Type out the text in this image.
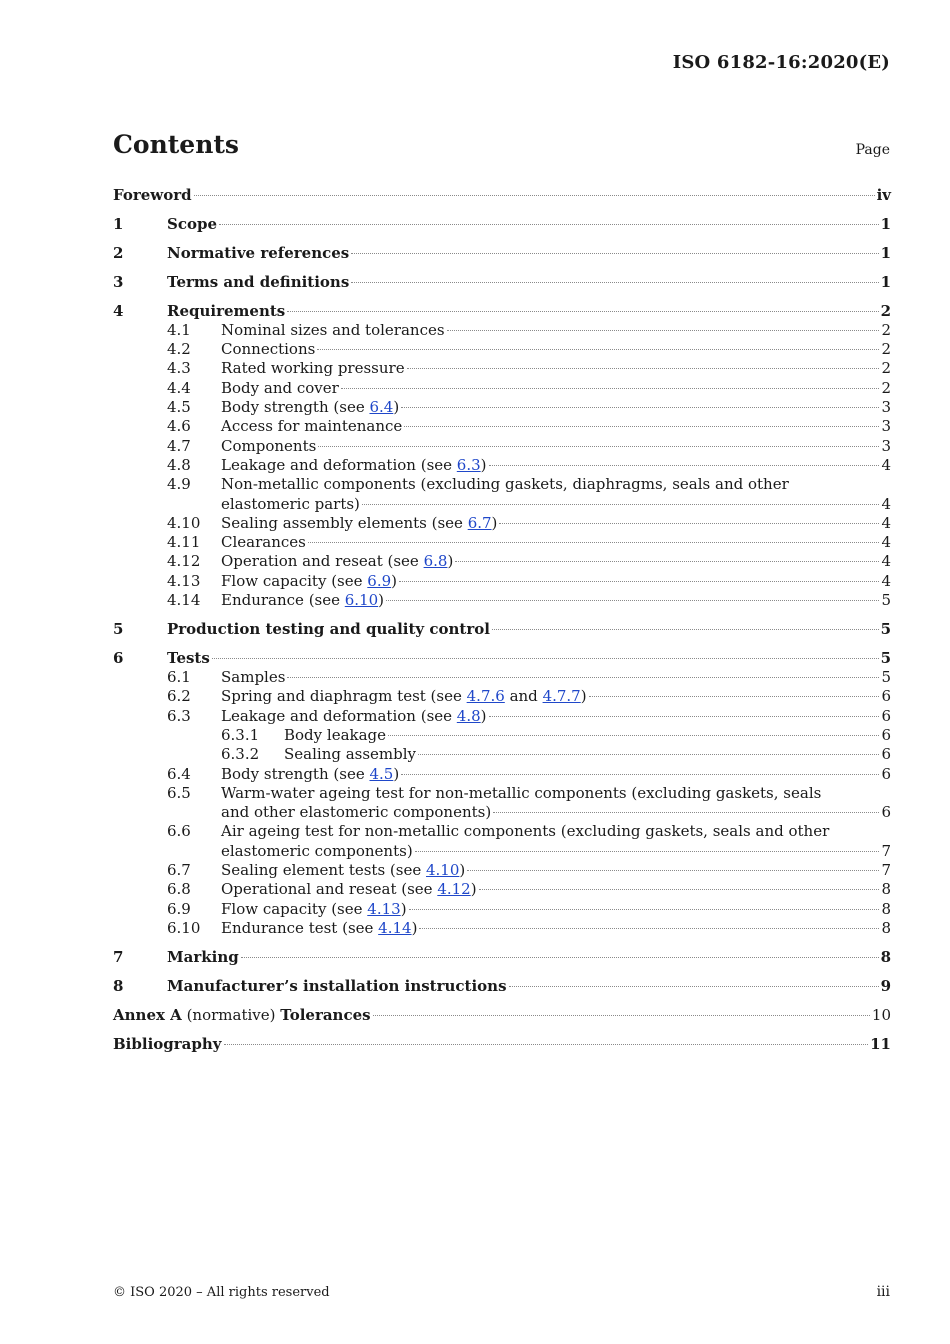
ISO 6182-16:2020(E)
Contents	Page
Foreword	iv
1	Scope	1
2	Normative references	1
3	Terms and definitions	1
4	Requirements	2
4.1	Nominal sizes and tolerances	2
4.2	Connections	2
4.3	Rated working pressure	2
4.4	Body and cover	2
4.5	Body strength (see 6.4)	3
4.6	Access for maintenance	3
4.7	Components	3
4.8	Leakage and deformation (see 6.3)	4
4.9	Non-metallic components (excluding gaskets, diaphragms, seals and other
elastomeric parts)	4
4.10	Sealing assembly elements (see 6.7)	4
4.11	Clearances	4
4.12	Operation and reseat (see 6.8)	4
4.13	Flow capacity (see 6.9)	4
4.14	Endurance (see 6.10)	5
5	Production testing and quality control	5
6	Tests	5
6.1	Samples	5
6.2	Spring and diaphragm test (see 4.7.6 and 4.7.7)	6
6.3	Leakage and deformation (see 4.8)	6
6.3.1	Body leakage	6
6.3.2	Sealing assembly	6
6.4	Body strength (see 4.5)	6
6.5	Warm-water ageing test for non-metallic components (excluding gaskets, seals
and other elastomeric components)	6
6.6	Air ageing test for non-metallic components (excluding gaskets, seals and other
elastomeric components)	7
6.7	Sealing element tests (see 4.10)	7
6.8	Operational and reseat (see 4.12)	8
6.9	Flow capacity (see 4.13)	8
6.10	Endurance test (see 4.14)	8
7	Marking	8
8	Manufacturer’s installation instructions	9
Annex A (normative) Tolerances	10
Bibliography	11
© ISO 2020 – All rights reserved	iii
